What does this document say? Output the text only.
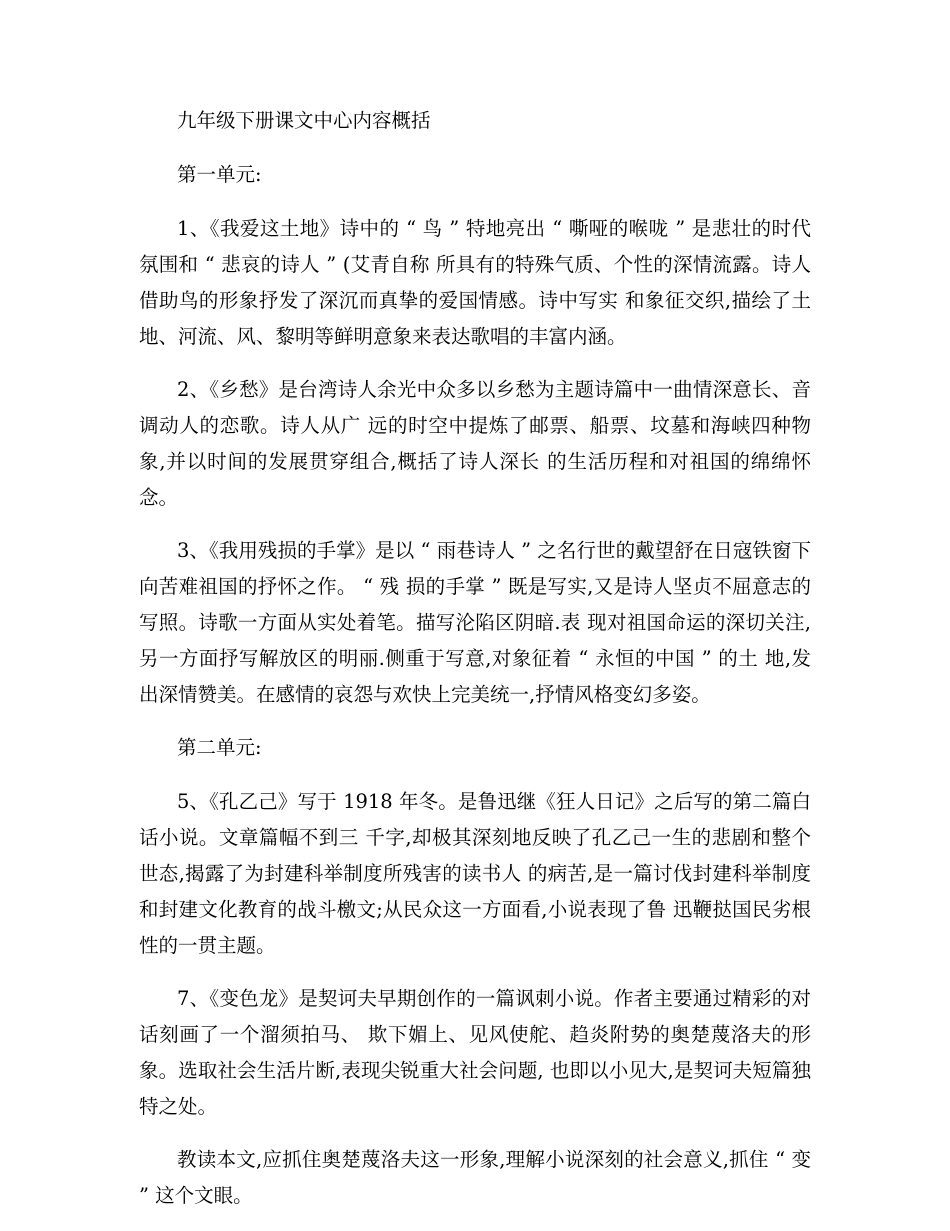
九年级下册课文中心内容概括

第一单元:

1、《我爱这土地》诗中的 “ 鸟 ” 特地亮出 “ 嘶哑的喉咙 ” 是悲壮的时代氛围和 “ 悲哀的诗人 ” (艾青自称 所具有的特殊气质、个性的深情流露。诗人借助鸟的形象抒发了深沉而真挚的爱国情感。诗中写实 和象征交织,描绘了土地、河流、风、黎明等鲜明意象来表达歌唱的丰富内涵。

2、《乡愁》是台湾诗人余光中众多以乡愁为主题诗篇中一曲情深意长、音调动人的恋歌。诗人从广 远的时空中提炼了邮票、船票、坟墓和海峡四种物象,并以时间的发展贯穿组合,概括了诗人深长 的生活历程和对祖国的绵绵怀念。

3、《我用残损的手掌》是以 “ 雨巷诗人 ” 之名行世的戴望舒在日寇铁窗下向苦难祖国的抒怀之作。 “ 残 损的手掌 ” 既是写实,又是诗人坚贞不屈意志的写照。诗歌一方面从实处着笔。描写沦陷区阴暗.表 现对祖国命运的深切关注,另一方面抒写解放区的明丽.侧重于写意,对象征着 “ 永恒的中国 ” 的土 地,发出深情赞美。在感情的哀怨与欢快上完美统一,抒情风格变幻多姿。

第二单元:

5、《孔乙己》写于 1918 年冬。是鲁迅继《狂人日记》之后写的第二篇白话小说。文章篇幅不到三 千字,却极其深刻地反映了孔乙己一生的悲剧和整个世态,揭露了为封建科举制度所残害的读书人 的病苦,是一篇讨伐封建科举制度和封建文化教育的战斗檄文;从民众这一方面看,小说表现了鲁 迅鞭挞国民劣根性的一贯主题。

7、《变色龙》是契诃夫早期创作的一篇讽刺小说。作者主要通过精彩的对话刻画了一个溜须拍马、 欺下媚上、见风使舵、趋炎附势的奥楚蔑洛夫的形象。选取社会生活片断,表现尖锐重大社会问题, 也即以小见大,是契诃夫短篇独特之处。

教读本文,应抓住奥楚蔑洛夫这一形象,理解小说深刻的社会意义,抓住 “ 变 ” 这个文眼。
